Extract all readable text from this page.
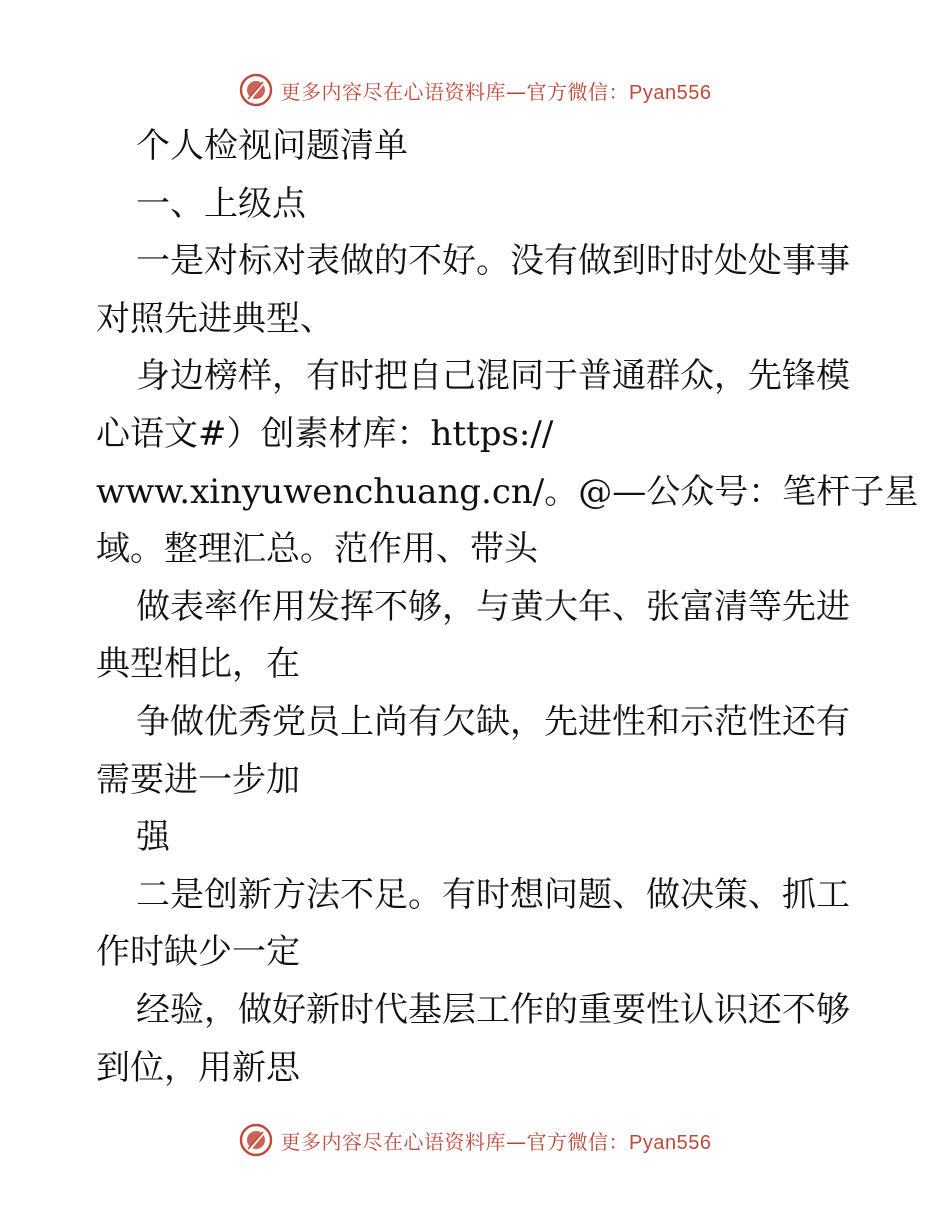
更多内容尽在心语资料库—官方微信：Pyan556
个人检视问题清单
一、上级点
一是对标对表做的不好。没有做到时时处处事事
对照先进典型、
身边榜样，有时把自己混同于普通群众，先锋模
心语文#）创素材库：https://
www.xinyuwenchuang.cn/。@—公众号：笔杆子星
域。整理汇总。范作用、带头
做表率作用发挥不够，与黄大年、张富清等先进
典型相比，在
争做优秀党员上尚有欠缺，先进性和示范性还有
需要进一步加
强
二是创新方法不足。有时想问题、做决策、抓工
作时缺少一定
经验，做好新时代基层工作的重要性认识还不够
到位，用新思
更多内容尽在心语资料库—官方微信：Pyan556
